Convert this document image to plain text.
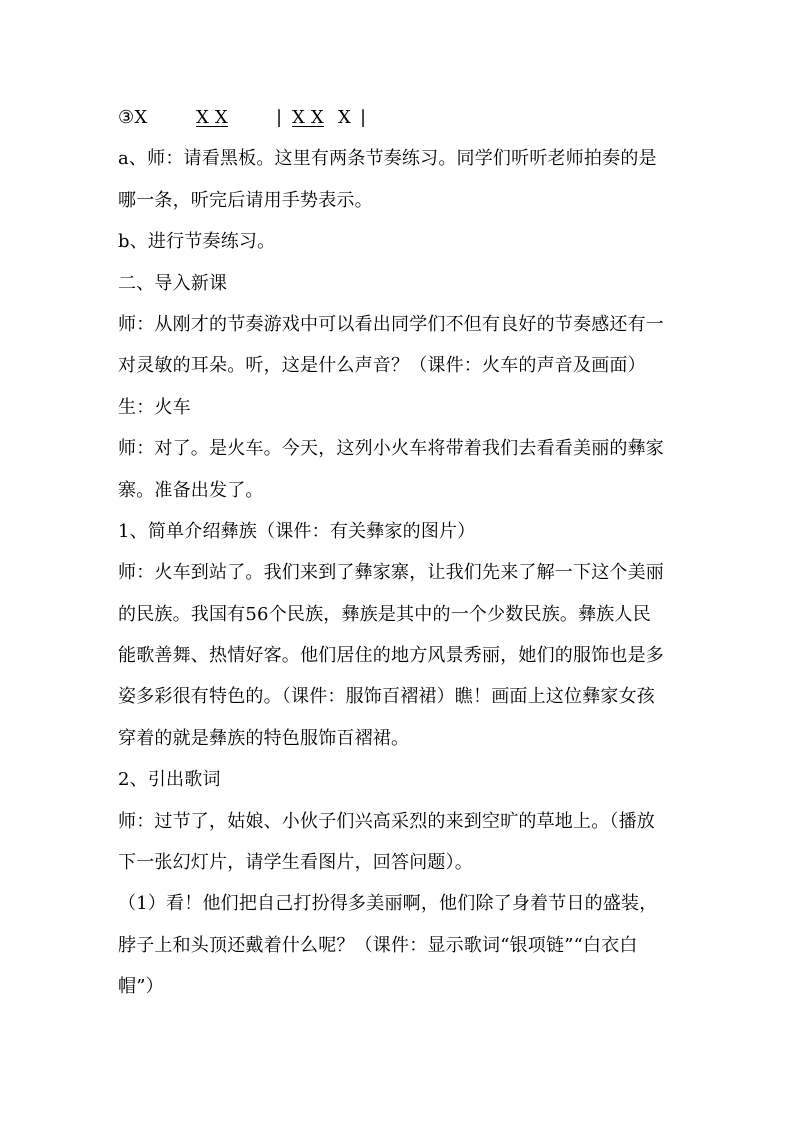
③X	X X	| X X X |
a、师：请看黑板。这里有两条节奏练习。同学们听听老师拍奏的是
哪一条，听完后请用手势表示。
b、进行节奏练习。
二、导入新课
师：从刚才的节奏游戏中可以看出同学们不但有良好的节奏感还有一
对灵敏的耳朵。听，这是什么声音？（课件：火车的声音及画面）
生：火车
师：对了。是火车。今天，这列小火车将带着我们去看看美丽的彝家
寨。准备出发了。
1、简单介绍彝族（课件：有关彝家的图片）
师：火车到站了。我们来到了彝家寨，让我们先来了解一下这个美丽
的民族。我国有56个民族，彝族是其中的一个少数民族。彝族人民
能歌善舞、热情好客。他们居住的地方风景秀丽，她们的服饰也是多
姿多彩很有特色的。（课件：服饰百褶裙）瞧！画面上这位彝家女孩
穿着的就是彝族的特色服饰百褶裙。
2、引出歌词
师：过节了，姑娘、小伙子们兴高采烈的来到空旷的草地上。（播放
下一张幻灯片，请学生看图片，回答问题）。
（1）看！他们把自己打扮得多美丽啊，他们除了身着节日的盛装，
脖子上和头顶还戴着什么呢？（课件：显示歌词“银项链”“白衣白
帽”）
